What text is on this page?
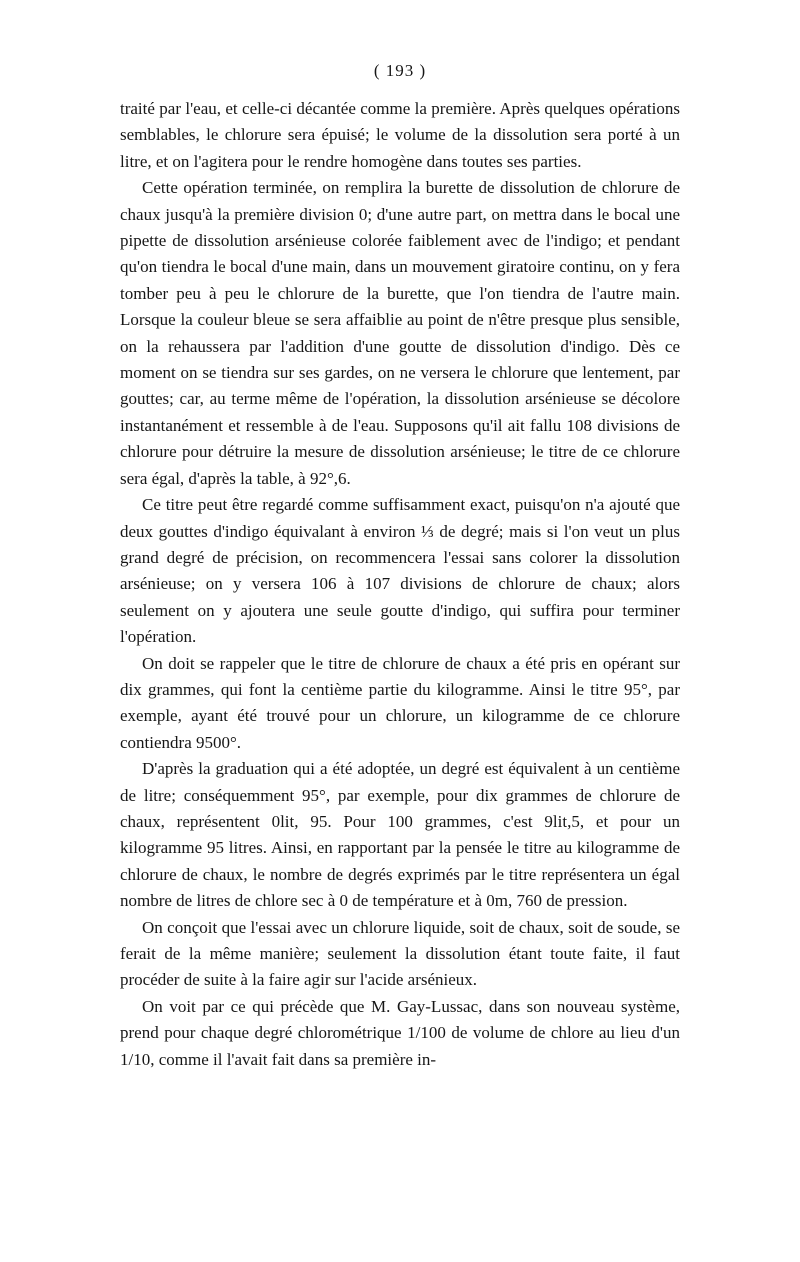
( 193 )

traité par l'eau, et celle-ci décantée comme la première. Après quelques opérations semblables, le chlorure sera épuisé; le volume de la dissolution sera porté à un litre, et on l'agitera pour le rendre homogène dans toutes ses parties.

Cette opération terminée, on remplira la burette de dissolution de chlorure de chaux jusqu'à la première division 0; d'une autre part, on mettra dans le bocal une pipette de dissolution arsénieuse colorée faiblement avec de l'indigo; et pendant qu'on tiendra le bocal d'une main, dans un mouvement giratoire continu, on y fera tomber peu à peu le chlorure de la burette, que l'on tiendra de l'autre main. Lorsque la couleur bleue se sera affaiblie au point de n'être presque plus sensible, on la rehaussera par l'addition d'une goutte de dissolution d'indigo. Dès ce moment on se tiendra sur ses gardes, on ne versera le chlorure que lentement, par gouttes; car, au terme même de l'opération, la dissolution arsénieuse se décolore instantanément et ressemble à de l'eau. Supposons qu'il ait fallu 108 divisions de chlorure pour détruire la mesure de dissolution arsénieuse; le titre de ce chlorure sera égal, d'après la table, à 92°,6.

Ce titre peut être regardé comme suffisamment exact, puisqu'on n'a ajouté que deux gouttes d'indigo équivalant à environ ⅓ de degré; mais si l'on veut un plus grand degré de précision, on recommencera l'essai sans colorer la dissolution arsénieuse; on y versera 106 à 107 divisions de chlorure de chaux; alors seulement on y ajoutera une seule goutte d'indigo, qui suffira pour terminer l'opération.

On doit se rappeler que le titre de chlorure de chaux a été pris en opérant sur dix grammes, qui font la centième partie du kilogramme. Ainsi le titre 95°, par exemple, ayant été trouvé pour un chlorure, un kilogramme de ce chlorure contiendra 9500°.

D'après la graduation qui a été adoptée, un degré est équivalent à un centième de litre; conséquemment 95°, par exemple, pour dix grammes de chlorure de chaux, représentent 0lit, 95. Pour 100 grammes, c'est 9lit,5, et pour un kilogramme 95 litres. Ainsi, en rapportant par la pensée le titre au kilogramme de chlorure de chaux, le nombre de degrés exprimés par le titre représentera un égal nombre de litres de chlore sec à 0 de température et à 0m, 760 de pression.

On conçoit que l'essai avec un chlorure liquide, soit de chaux, soit de soude, se ferait de la même manière; seulement la dissolution étant toute faite, il faut procéder de suite à la faire agir sur l'acide arsénieux.

On voit par ce qui précède que M. Gay-Lussac, dans son nouveau système, prend pour chaque degré chlorométrique 1/100 de volume de chlore au lieu d'un 1/10, comme il l'avait fait dans sa première in-
